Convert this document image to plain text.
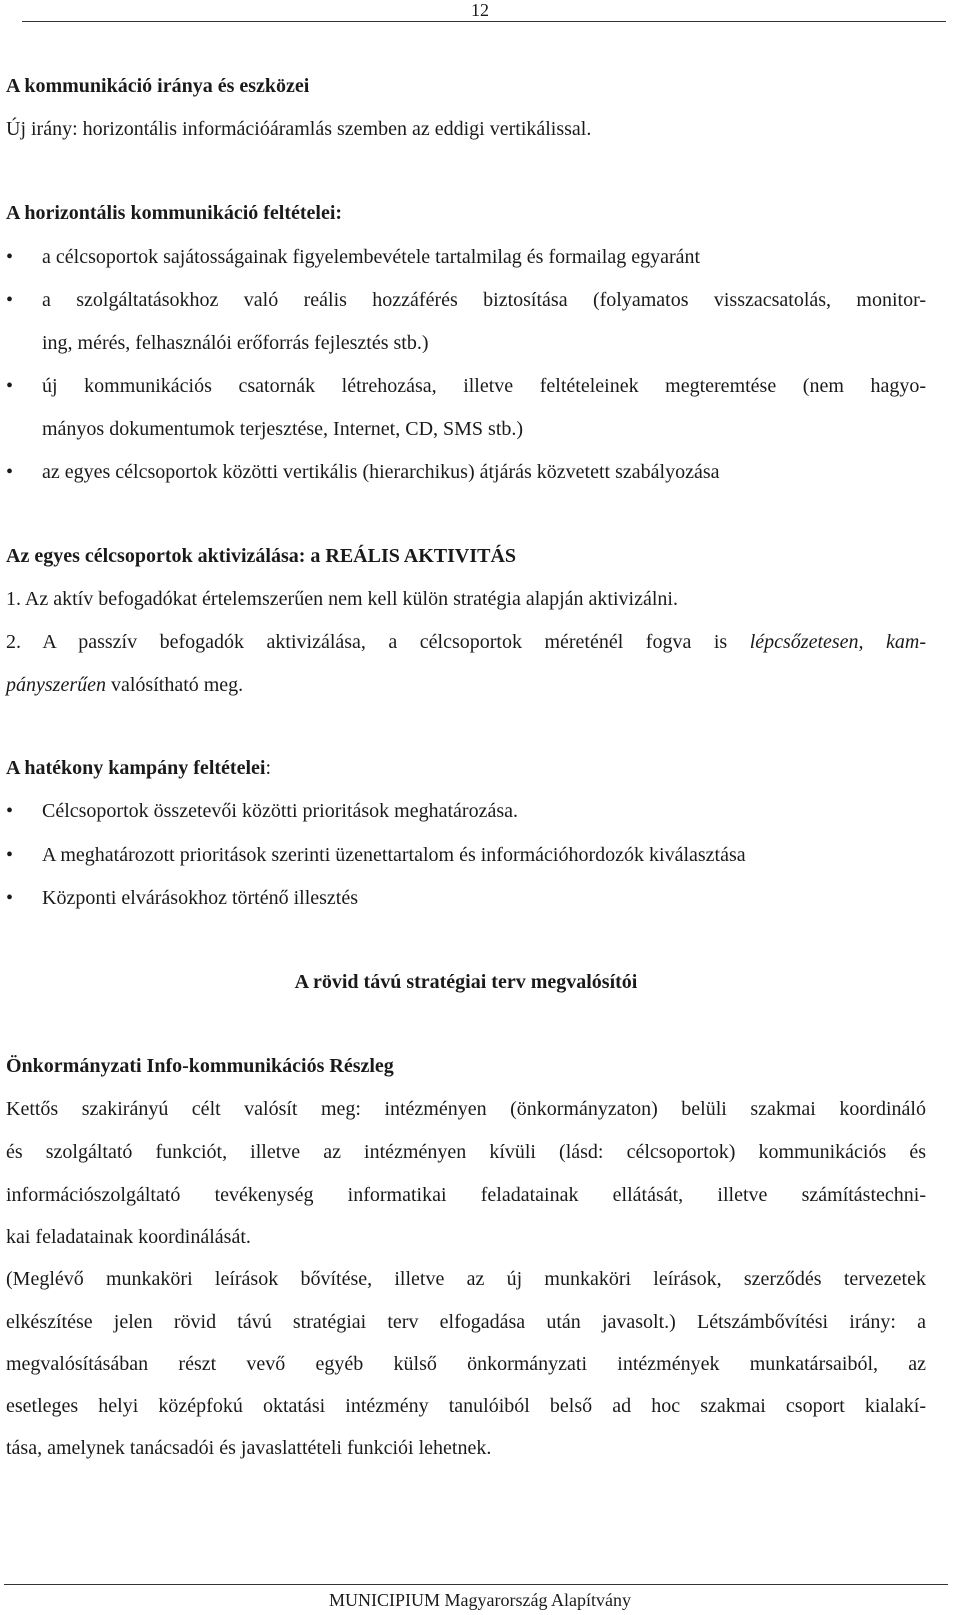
12
A kommunikáció iránya és eszközei
Új irány: horizontális információáramlás szemben az eddigi vertikálissal.
A horizontális kommunikáció feltételei:
• a célcsoportok sajátosságainak figyelembevétele tartalmilag és formailag egyaránt
• a szolgáltatásokhoz való reális hozzáférés biztosítása (folyamatos visszacsatolás, monitor-
ing, mérés, felhasználói erőforrás fejlesztés stb.)
• új kommunikációs csatornák létrehozása, illetve feltételeinek megteremtése (nem hagyo-
mányos dokumentumok terjesztése, Internet, CD, SMS stb.)
• az egyes célcsoportok közötti vertikális (hierarchikus) átjárás közvetett szabályozása
Az egyes célcsoportok aktivizálása: a REÁLIS AKTIVITÁS
1. Az aktív befogadókat értelemszerűen nem kell külön stratégia alapján aktivizálni.
2. A passzív befogadók aktivizálása, a célcsoportok méreténél fogva is lépcsőzetesen, kam-
pányszerűen valósítható meg.
A hatékony kampány feltételei:
• Célcsoportok összetevői közötti prioritások meghatározása.
• A meghatározott prioritások szerinti üzenettartalom és információhordozók kiválasztása
• Központi elvárásokhoz történő illesztés
A rövid távú stratégiai terv megvalósítói
Önkormányzati Info-kommunikációs Részleg
Kettős szakirányú célt valósít meg: intézményen (önkormányzaton) belüli szakmai koordináló
és szolgáltató funkciót, illetve az intézményen kívüli (lásd: célcsoportok) kommunikációs és
információszolgáltató tevékenység informatikai feladatainak ellátását, illetve számítástechni-
kai feladatainak koordinálását.
(Meglévő munkaköri leírások bővítése, illetve az új munkaköri leírások, szerződés tervezetek
elkészítése jelen rövid távú stratégiai terv elfogadása után javasolt.) Létszámbővítési irány: a
megvalósításában részt vevő egyéb külső önkormányzati intézmények munkatársaiból, az
esetleges helyi középfokú oktatási intézmény tanulóiból belső ad hoc szakmai csoport kialakí-
tása, amelynek tanácsadói és javaslattételi funkciói lehetnek.
MUNICIPIUM Magyarország Alapítvány
